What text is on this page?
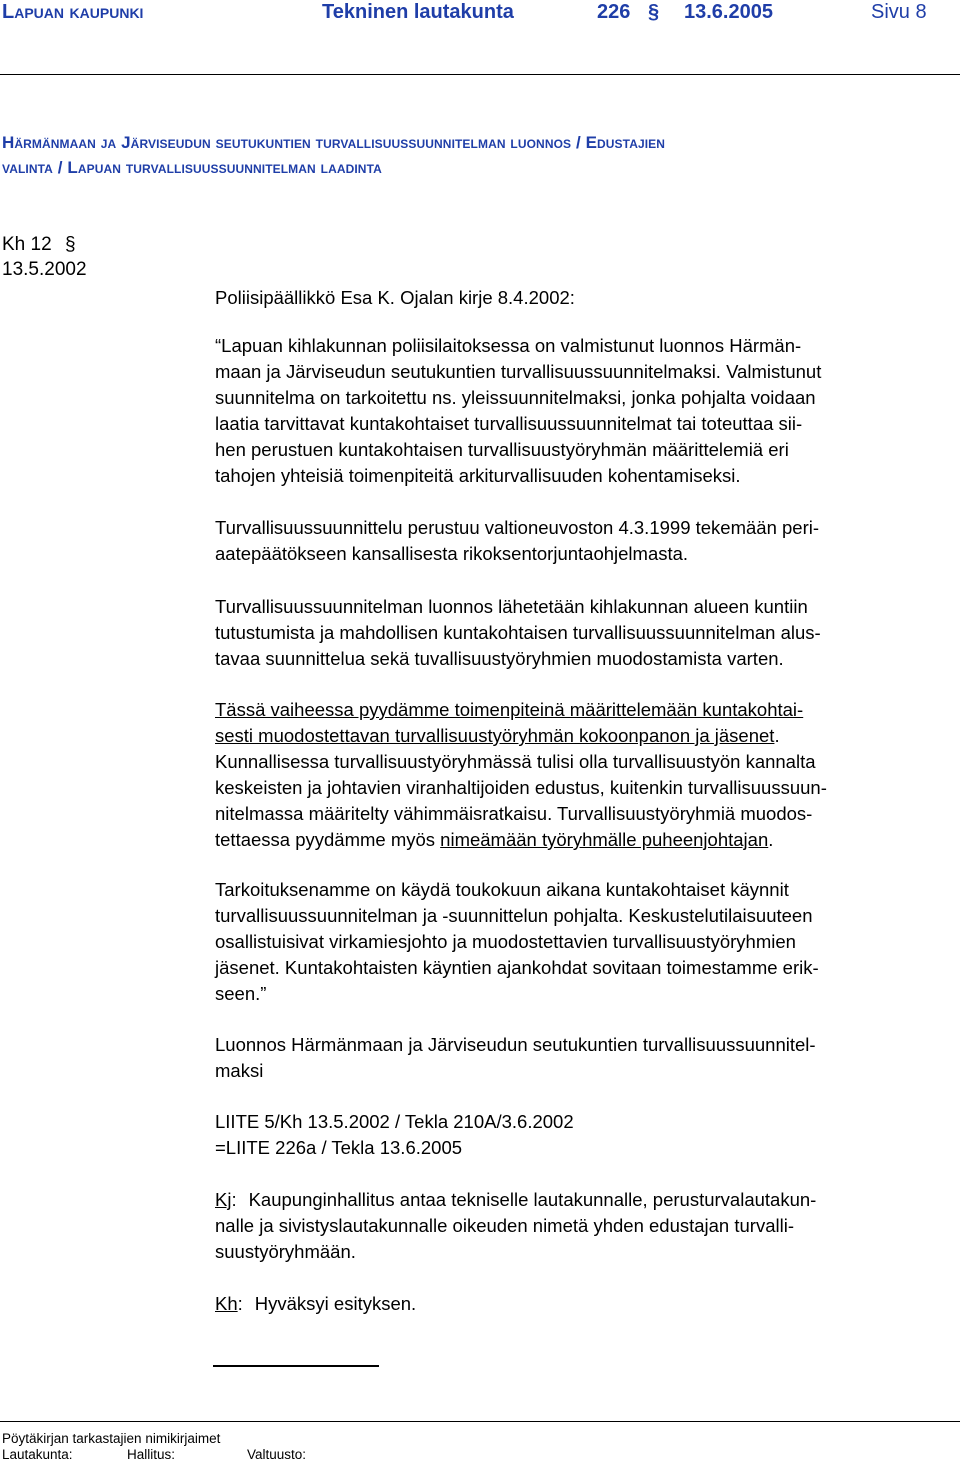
Lapuan kaupunki	Tekninen lautakunta	226 § 13.6.2005	Sivu 8
Härmänmaan ja Järviseudun seutukuntien turvallisuussuunnitelman luonnos / Edustajien
valinta / Lapuan turvallisuussuunnitelman laadinta
Kh 12 §
13.5.2002
Poliisipäällikkö Esa K. Ojalan kirje 8.4.2002:

“Lapuan kihlakunnan poliisilaitoksessa on valmistunut luonnos Härmän-

maan ja Järviseudun seutukuntien turvallisuussuunnitelmaksi. Valmistunut

suunnitelma on tarkoitettu ns. yleissuunnitelmaksi, jonka pohjalta voidaan

laatia tarvittavat kuntakohtaiset turvallisuussuunnitelmat tai toteuttaa sii-

hen perustuen kuntakohtaisen turvallisuustyöryhmän määrittelemiä eri

tahojen yhteisiä toimenpiteitä arkiturvallisuuden kohentamiseksi.

Turvallisuussuunnittelu perustuu valtioneuvoston 4.3.1999 tekemään peri-

aatepäätökseen kansallisesta rikoksentorjuntaohjelmasta.

Turvallisuussuunnitelman luonnos lähetetään kihlakunnan alueen kuntiin

tutustumista ja mahdollisen kuntakohtaisen turvallisuussuunnitelman alus-

tavaa suunnittelua sekä tuvallisuustyöryhmien muodostamista varten.

Tässä vaiheessa pyydämme toimenpiteinä määrittelemään kuntakohtai-

sesti muodostettavan turvallisuustyöryhmän kokoonpanon ja jäsenet.

Kunnallisessa turvallisuustyöryhmässä tulisi olla turvallisuustyön kannalta

keskeisten ja johtavien viranhaltijoiden edustus, kuitenkin turvallisuussuun-

nitelmassa määritelty vähimmäisratkaisu. Turvallisuustyöryhmiä muodos-

tettaessa pyydämme myös nimeämään työryhmälle puheenjohtajan.

Tarkoituksenamme on käydä toukokuun aikana kuntakohtaiset käynnit

turvallisuussuunnitelman ja -suunnittelun pohjalta. Keskustelutilaisuuteen

osallistuisivat virkamiesjohto ja muodostettavien turvallisuustyöryhmien

jäsenet. Kuntakohtaisten käyntien ajankohdat sovitaan toimestamme erik-

seen.”

Luonnos Härmänmaan ja Järviseudun seutukuntien turvallisuussuunnitel-

maksi

LIITE 5/Kh 13.5.2002 / Tekla 210A/3.6.2002

=LIITE 226a / Tekla 13.6.2005

Kj: Kaupunginhallitus antaa tekniselle lautakunnalle, perusturvalautakun-

nalle ja sivistyslautakunnalle oikeuden nimetä yhden edustajan turvalli-

suustyöryhmään.

Kh: Hyväksyi esityksen.

Pöytäkirjan tarkastajien nimikirjaimet
Lautakunta:	Hallitus:	Valtuusto:
